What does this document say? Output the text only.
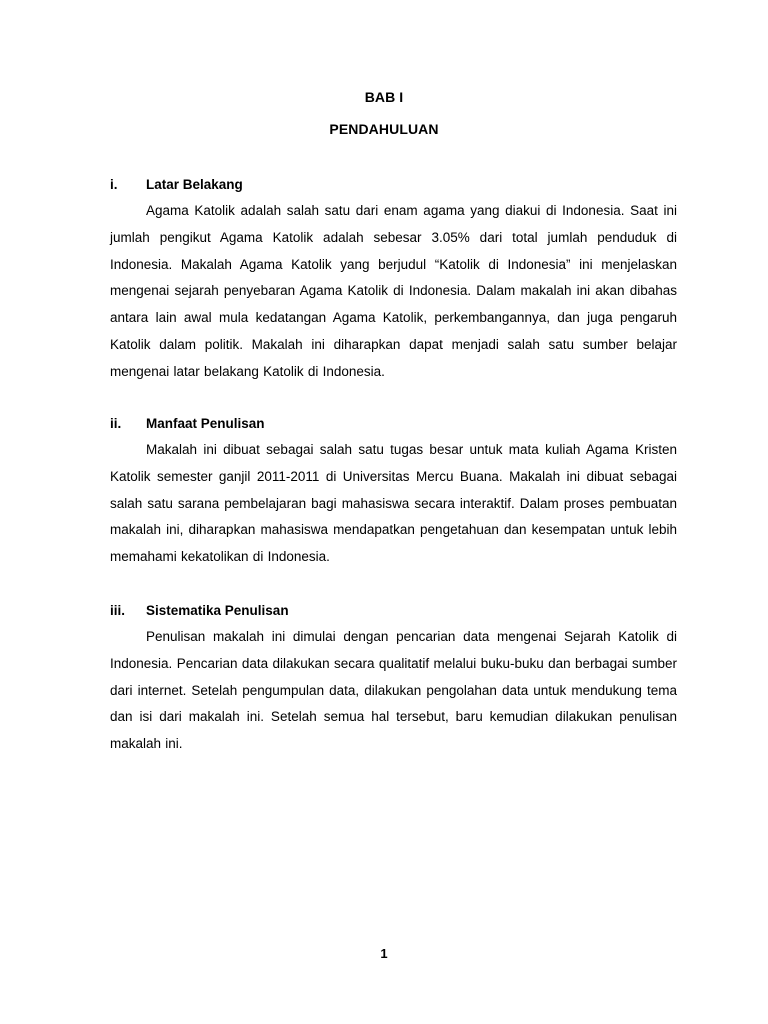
BAB I
PENDAHULUAN
i. Latar Belakang

Agama Katolik adalah salah satu dari enam agama yang diakui di Indonesia. Saat ini jumlah pengikut Agama Katolik adalah sebesar 3.05% dari total jumlah penduduk di Indonesia. Makalah Agama Katolik yang berjudul “Katolik di Indonesia” ini menjelaskan mengenai sejarah penyebaran Agama Katolik di Indonesia. Dalam makalah ini akan dibahas antara lain awal mula kedatangan Agama Katolik, perkembangannya, dan juga pengaruh Katolik dalam politik. Makalah ini diharapkan dapat menjadi salah satu sumber belajar mengenai latar belakang Katolik di Indonesia.

ii. Manfaat Penulisan

Makalah ini dibuat sebagai salah satu tugas besar untuk mata kuliah Agama Kristen Katolik semester ganjil 2011-2011 di Universitas Mercu Buana. Makalah ini dibuat sebagai salah satu sarana pembelajaran bagi mahasiswa secara interaktif. Dalam proses pembuatan makalah ini, diharapkan mahasiswa mendapatkan pengetahuan dan kesempatan untuk lebih memahami kekatolikan di Indonesia.

iii. Sistematika Penulisan

Penulisan makalah ini dimulai dengan pencarian data mengenai Sejarah Katolik di Indonesia. Pencarian data dilakukan secara qualitatif melalui buku-buku dan berbagai sumber dari internet. Setelah pengumpulan data, dilakukan pengolahan data untuk mendukung tema dan isi dari makalah ini. Setelah semua hal tersebut, baru kemudian dilakukan penulisan makalah ini.

1
